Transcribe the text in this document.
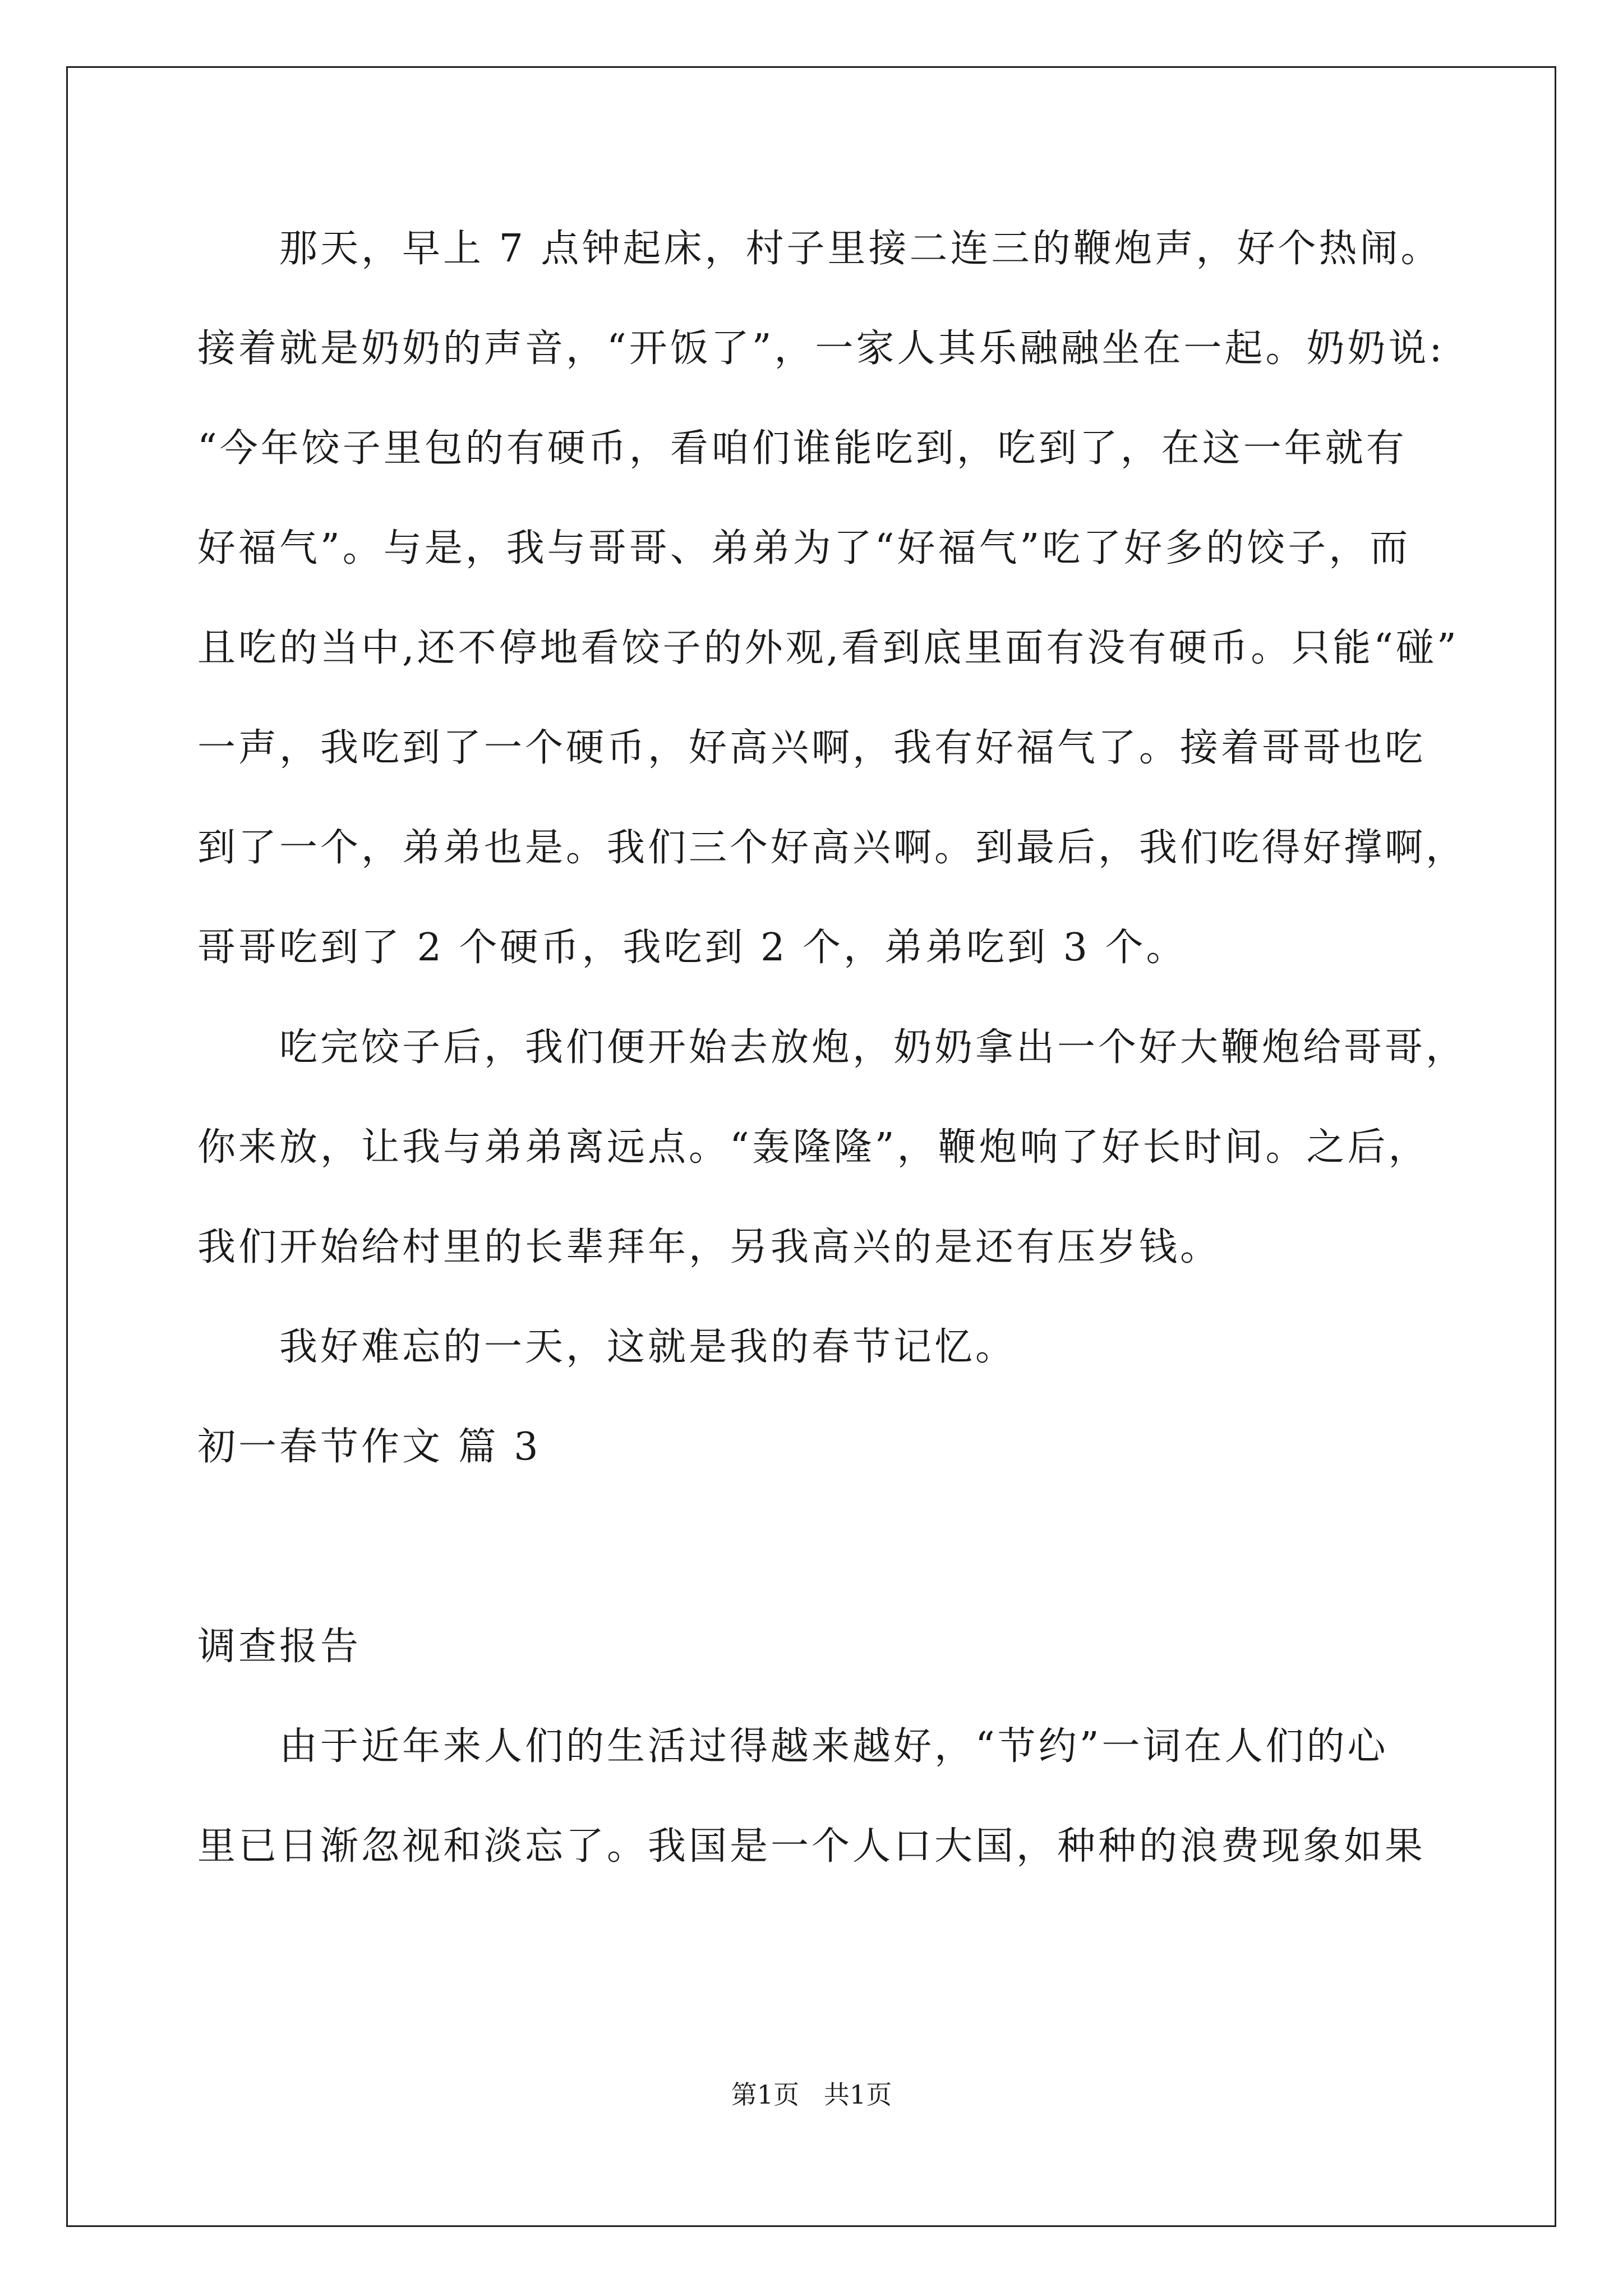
那天，早上 7 点钟起床，村子里接二连三的鞭炮声，好个热闹。
接着就是奶奶的声音，“开饭了”，一家人其乐融融坐在一起。奶奶说:
“今年饺子里包的有硬币，看咱们谁能吃到，吃到了，在这一年就有
好福气”。与是，我与哥哥、弟弟为了“好福气”吃了好多的饺子，而
且吃的当中,还不停地看饺子的外观,看到底里面有没有硬币。只能“碰”
一声，我吃到了一个硬币，好高兴啊，我有好福气了。接着哥哥也吃
到了一个，弟弟也是。我们三个好高兴啊。到最后，我们吃得好撑啊，
哥哥吃到了 2 个硬币，我吃到 2 个，弟弟吃到 3 个。
吃完饺子后，我们便开始去放炮，奶奶拿出一个好大鞭炮给哥哥，
你来放，让我与弟弟离远点。“轰隆隆”，鞭炮响了好长时间。之后，
我们开始给村里的长辈拜年，另我高兴的是还有压岁钱。
我好难忘的一天，这就是我的春节记忆。
初一春节作文 篇 3
调查报告
由于近年来人们的生活过得越来越好，“节约”一词在人们的心
里已日渐忽视和淡忘了。我国是一个人口大国，种种的浪费现象如果
第1页   共1页
